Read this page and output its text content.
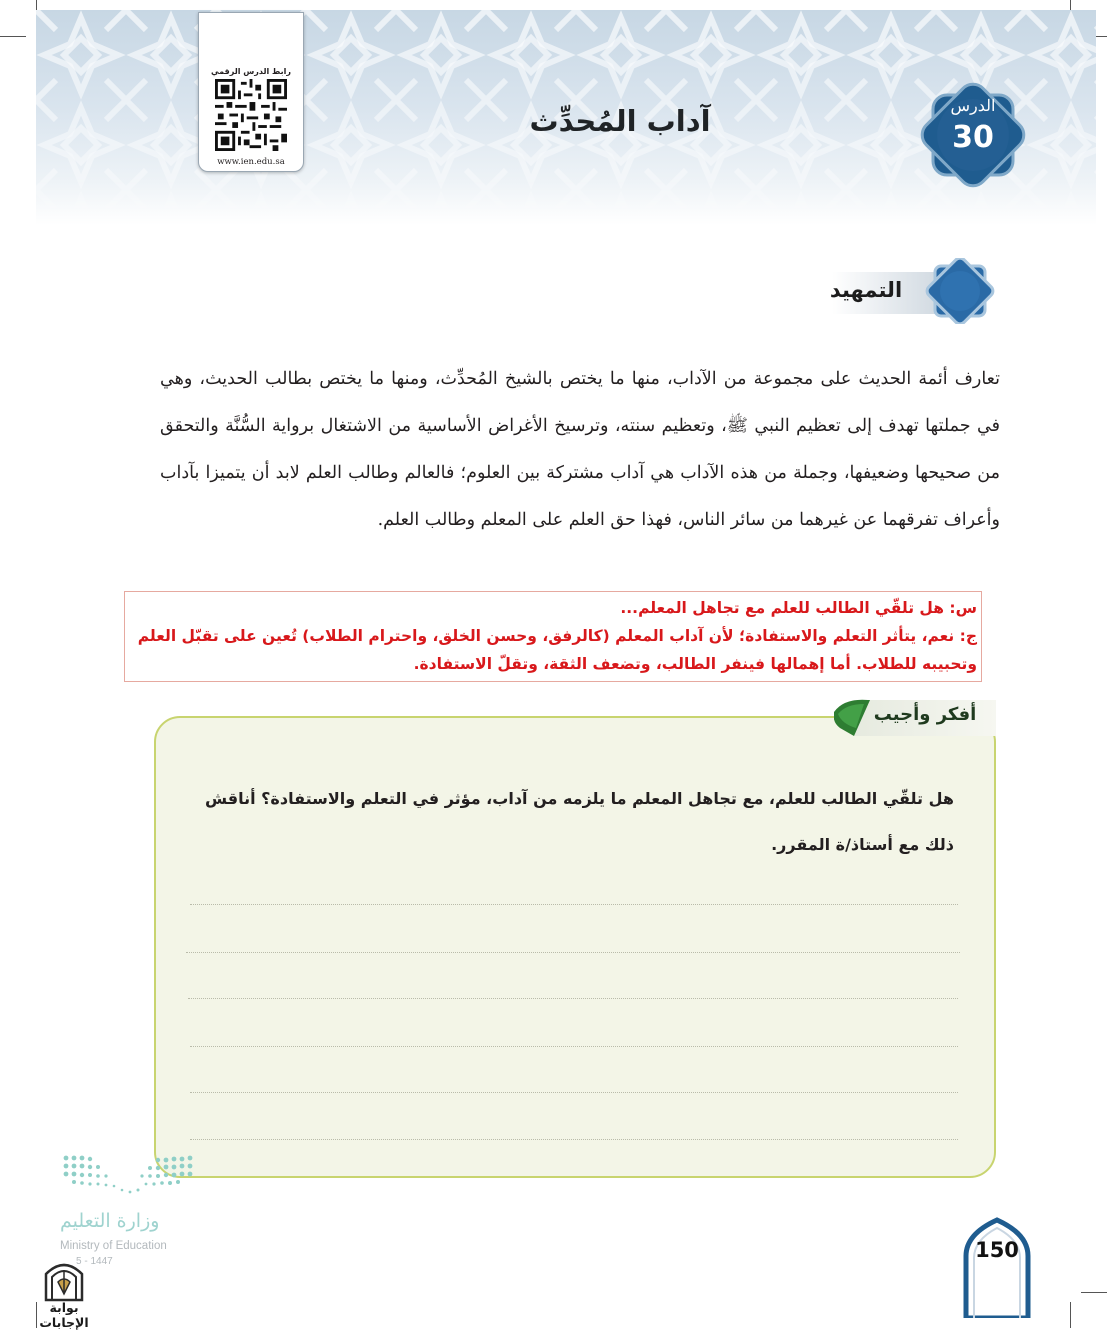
رابط الدرس الرقمي
www.ien.edu.sa
آداب المُحدِّث	الدرس
30
التمهيد
تعارف أئمة الحديث على مجموعة من الآداب، منها ما يختص بالشيخ المُحدِّث، ومنها ما يختص بطالب الحديث، وهي في جملتها تهدف إلى تعظيم النبي ﷺ، وتعظيم سنته، وترسيخ الأغراض الأساسية من الاشتغال برواية السُّنَّة والتحقق من صحيحها وضعيفها، وجملة من هذه الآداب هي آداب مشتركة بين العلوم؛ فالعالم وطالب العلم لابد أن يتميزا بآداب وأعراف تفرقهما عن غيرهما من سائر الناس، فهذا حق العلم على المعلم وطالب العلم.

س: هل تلقّي الطالب للعلم مع تجاهل المعلم...

ج: نعم، يتأثر التعلم والاستفادة؛ لأن آداب المعلم (كالرفق، وحسن الخلق، واحترام الطلاب) تُعين على تقبّل العلم وتحبيبه للطلاب. أما إهمالها فينفر الطالب، وتضعف الثقة، وتقلّ الاستفادة.

أفكر وأجيب
هل تلقّي الطالب للعلم، مع تجاهل المعلم ما يلزمه من آداب، مؤثر في التعلم والاستفادة؟ أناقش ذلك مع أستاذ/ة المقرر.
150
وزارة التعليم
Ministry of Education
5 - 1447
بوابة الإجابات
